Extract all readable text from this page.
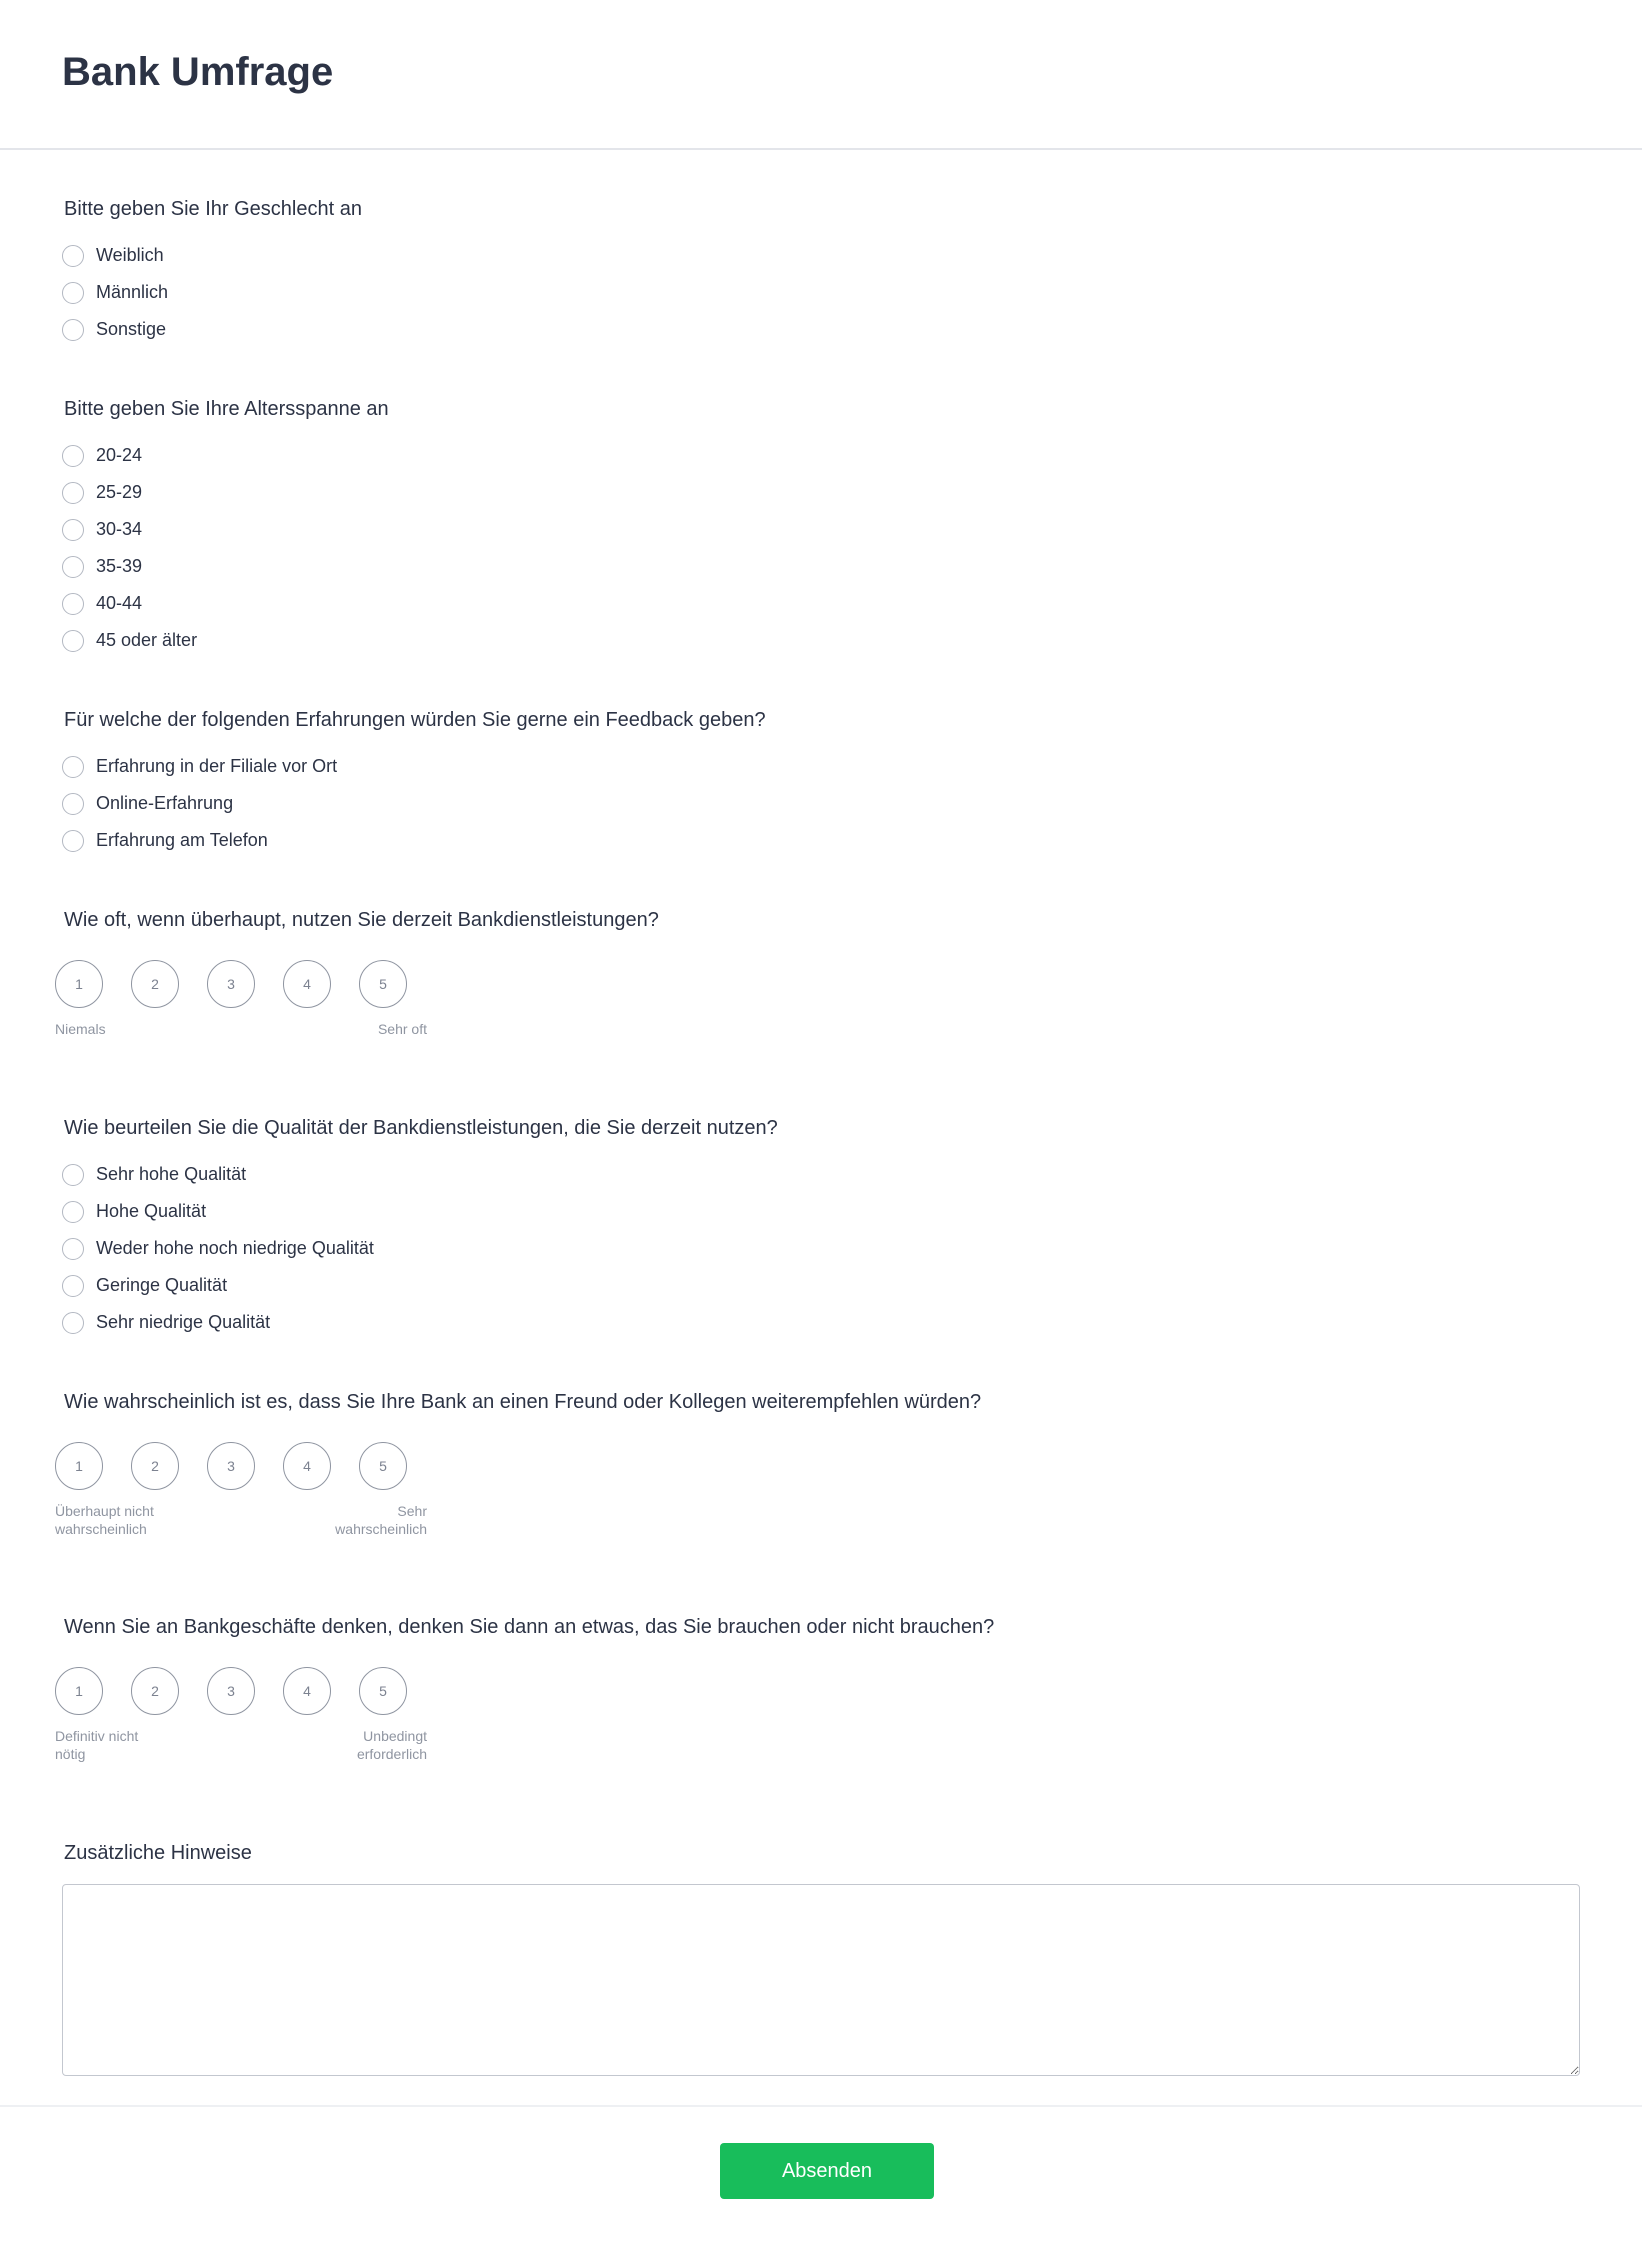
Bank Umfrage
Bitte geben Sie Ihr Geschlecht an
Weiblich
Männlich
Sonstige
Bitte geben Sie Ihre Altersspanne an
20-24
25-29
30-34
35-39
40-44
45 oder älter
Für welche der folgenden Erfahrungen würden Sie gerne ein Feedback geben?
Erfahrung in der Filiale vor Ort
Online-Erfahrung
Erfahrung am Telefon
Wie oft, wenn überhaupt, nutzen Sie derzeit Bankdienstleistungen?
1	2	3	4	5
Niemals	Sehr oft
Wie beurteilen Sie die Qualität der Bankdienstleistungen, die Sie derzeit nutzen?
Sehr hohe Qualität
Hohe Qualität
Weder hohe noch niedrige Qualität
Geringe Qualität
Sehr niedrige Qualität
Wie wahrscheinlich ist es, dass Sie Ihre Bank an einen Freund oder Kollegen weiterempfehlen würden?
1	2	3	4	5
Überhaupt nicht wahrscheinlich
Sehr wahrscheinlich
Wenn Sie an Bankgeschäfte denken, denken Sie dann an etwas, das Sie brauchen oder nicht brauchen?
1	2	3	4	5
Definitiv nicht nötig
Unbedingt erforderlich
Zusätzliche Hinweise
Absenden
